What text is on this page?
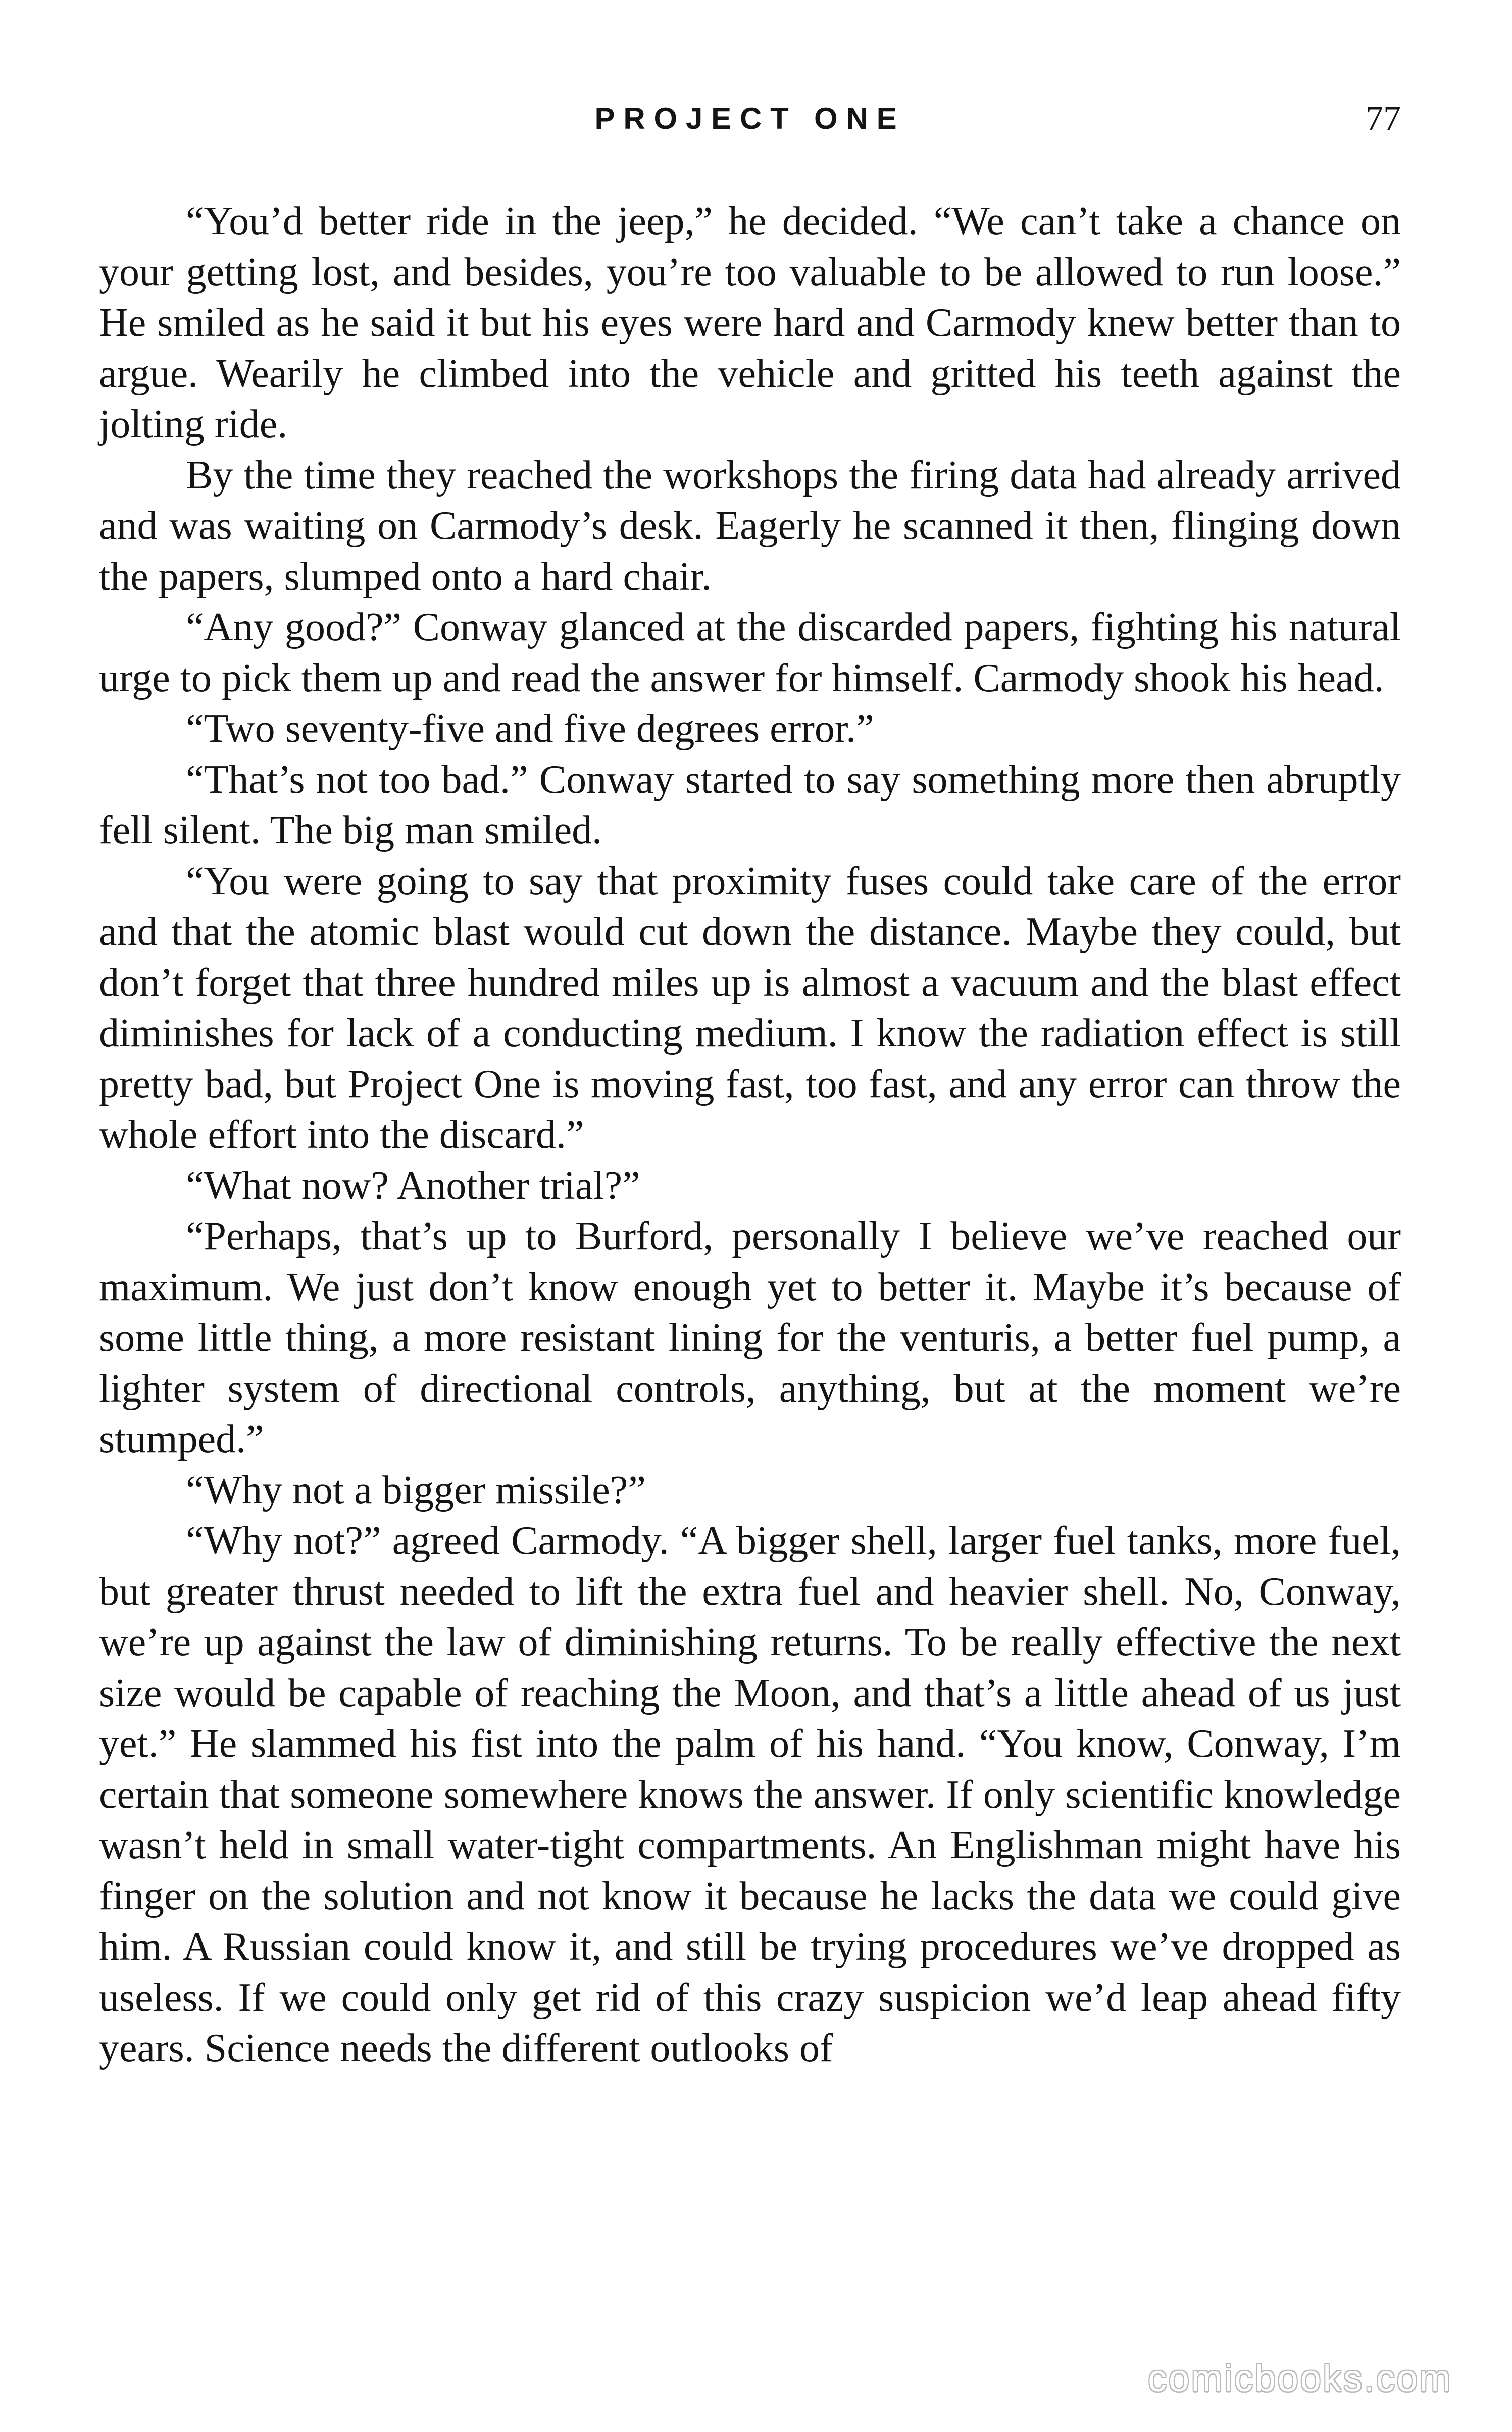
PROJECT ONE	77

“You’d better ride in the jeep,” he decided. “We can’t take a chance on your getting lost, and besides, you’re too valuable to be allowed to run loose.” He smiled as he said it but his eyes were hard and Carmody knew better than to argue. Wearily he climbed into the vehicle and gritted his teeth against the jolting ride.

By the time they reached the workshops the firing data had already arrived and was waiting on Carmody’s desk. Eagerly he scanned it then, flinging down the papers, slumped onto a hard chair.

“Any good?” Conway glanced at the discarded papers, fighting his natural urge to pick them up and read the answer for himself. Carmody shook his head.

“Two seventy-five and five degrees error.”

“That’s not too bad.” Conway started to say something more then abruptly fell silent. The big man smiled.

“You were going to say that proximity fuses could take care of the error and that the atomic blast would cut down the distance. Maybe they could, but don’t forget that three hundred miles up is almost a vacuum and the blast effect diminishes for lack of a conducting medium. I know the radiation effect is still pretty bad, but Project One is moving fast, too fast, and any error can throw the whole effort into the discard.”

“What now? Another trial?”

“Perhaps, that’s up to Burford, personally I believe we’ve reached our maximum. We just don’t know enough yet to better it. Maybe it’s because of some little thing, a more resistant lining for the venturis, a better fuel pump, a lighter system of directional controls, anything, but at the moment we’re stumped.”

“Why not a bigger missile?”

“Why not?” agreed Carmody. “A bigger shell, larger fuel tanks, more fuel, but greater thrust needed to lift the extra fuel and heavier shell. No, Conway, we’re up against the law of diminishing returns. To be really effective the next size would be capable of reaching the Moon, and that’s a little ahead of us just yet.” He slammed his fist into the palm of his hand. “You know, Conway, I’m certain that someone somewhere knows the answer. If only scientific knowledge wasn’t held in small water-tight compartments. An Englishman might have his finger on the solution and not know it because he lacks the data we could give him. A Russian could know it, and still be trying procedures we’ve dropped as useless. If we could only get rid of this crazy suspicion we’d leap ahead fifty years. Science needs the different outlooks of

comicbooks.com
